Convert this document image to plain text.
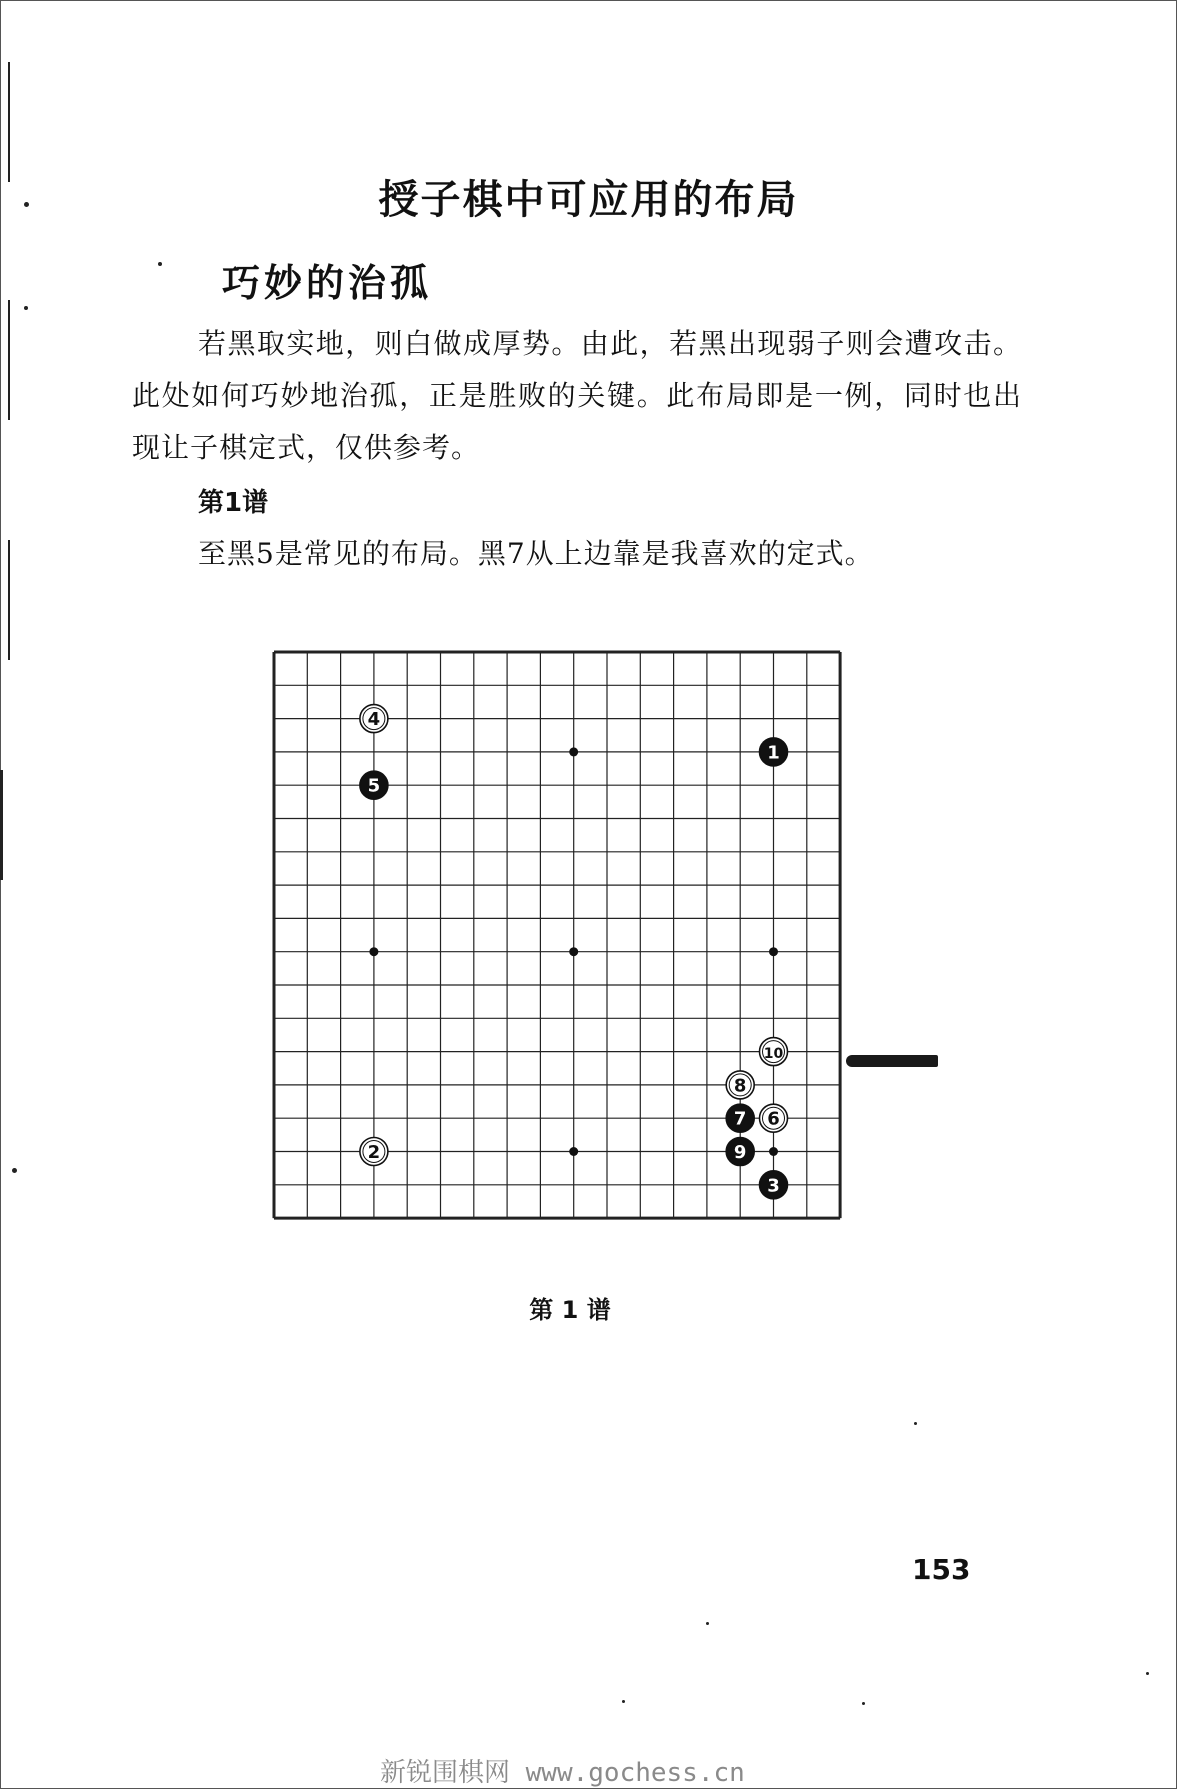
授子棋中可应用的布局
巧妙的治孤
若黑取实地，则白做成厚势。由此，若黑出现弱子则会遭攻击。此处如何巧妙地治孤，正是胜败的关键。此布局即是一例，同时也出现让子棋定式，仅供参考。
第1谱
至黑5是常见的布局。黑7从上边靠是我喜欢的定式。
1
2
3
4
5
6
7
8
9
10
第 1 谱
153
新锐围棋网 www.gochess.cn
